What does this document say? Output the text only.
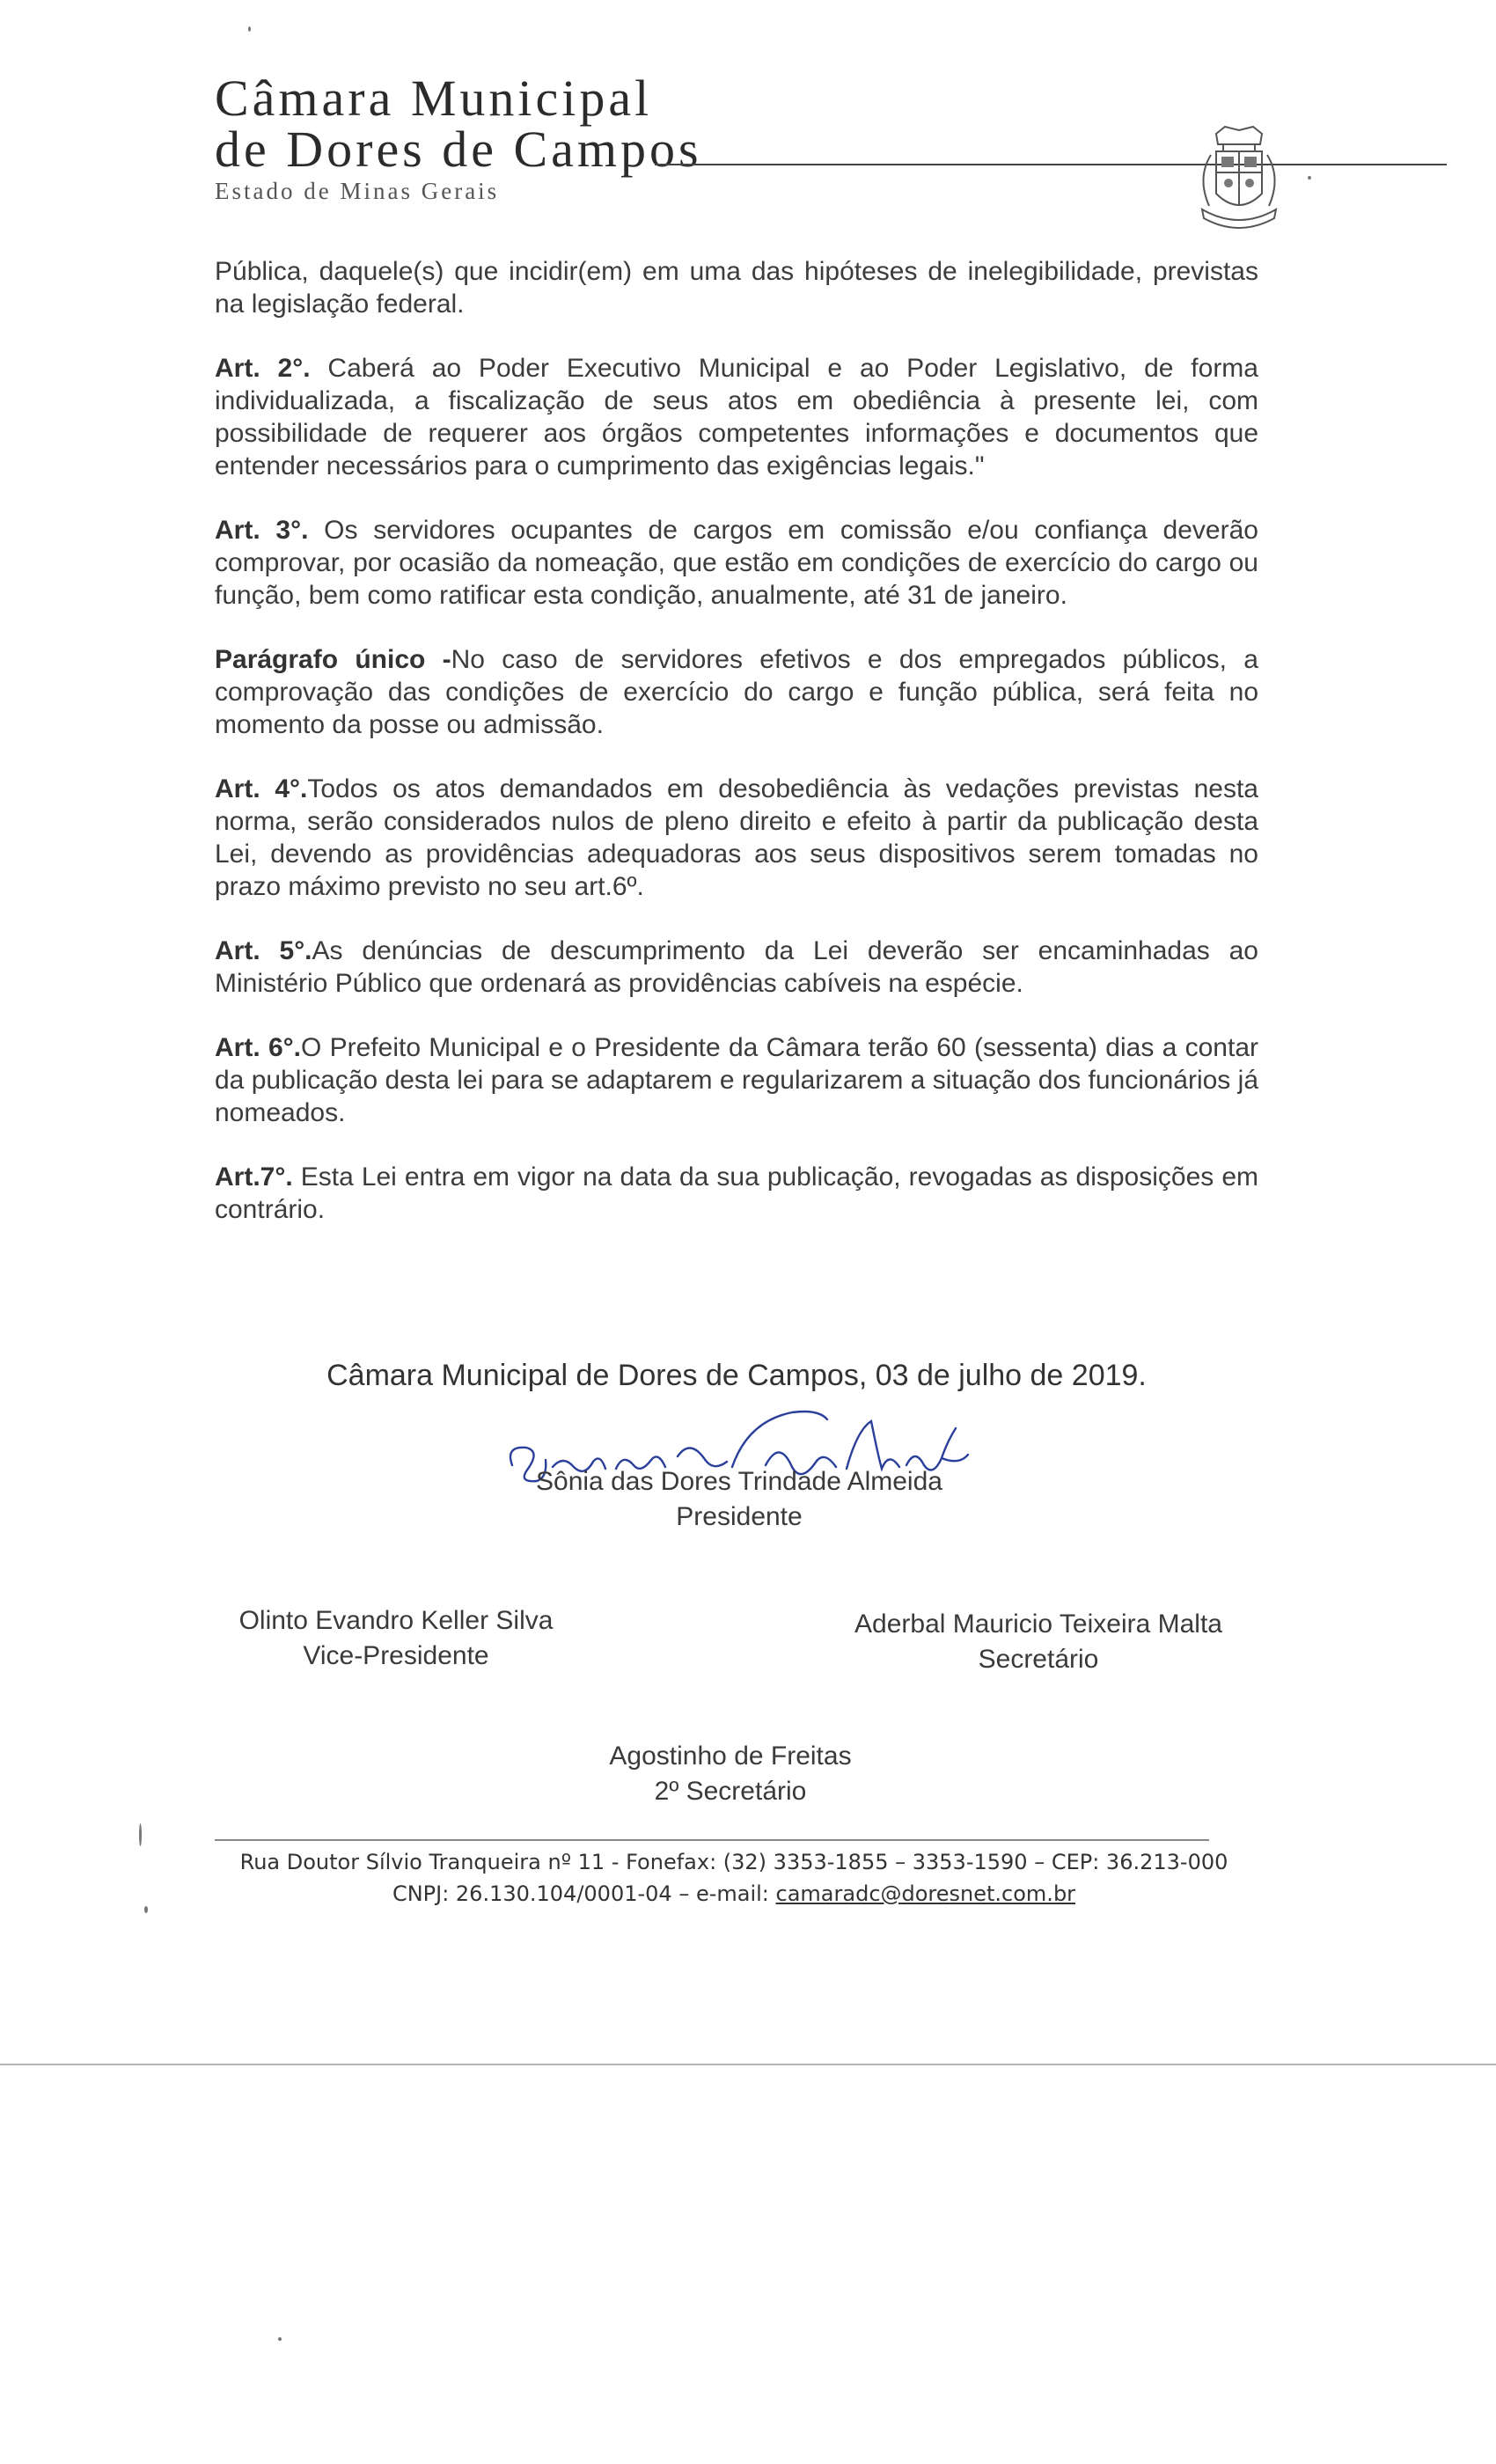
Câmara Municipal
de Dores de Campos
Estado de Minas Gerais

Pública, daquele(s) que incidir(em) em uma das hipóteses de inelegibilidade, previstas na legislação federal.

Art. 2°. Caberá ao Poder Executivo Municipal e ao Poder Legislativo, de forma individualizada, a fiscalização de seus atos em obediência à presente lei, com possibilidade de requerer aos órgãos competentes informações e documentos que entender necessários para o cumprimento das exigências legais."

Art. 3°. Os servidores ocupantes de cargos em comissão e/ou confiança deverão comprovar, por ocasião da nomeação, que estão em condições de exercício do cargo ou função, bem como ratificar esta condição, anualmente, até 31 de janeiro.

Parágrafo único -No caso de servidores efetivos e dos empregados públicos, a comprovação das condições de exercício do cargo e função pública, será feita no momento da posse ou admissão.

Art. 4°.Todos os atos demandados em desobediência às vedações previstas nesta norma, serão considerados nulos de pleno direito e efeito à partir da publicação desta Lei, devendo as providências adequadoras aos seus dispositivos serem tomadas no prazo máximo previsto no seu art.6º.

Art. 5°.As denúncias de descumprimento da Lei deverão ser encaminhadas ao Ministério Público que ordenará as providências cabíveis na espécie.

Art. 6°.O Prefeito Municipal e o Presidente da Câmara terão 60 (sessenta) dias a contar da publicação desta lei para se adaptarem e regularizarem a situação dos funcionários já nomeados.

Art.7°. Esta Lei entra em vigor na data da sua publicação, revogadas as disposições em contrário.

Câmara Municipal de Dores de Campos, 03 de julho de 2019.
Sônia das Dores Trindade Almeida
Presidente
Olinto Evandro Keller Silva
Vice-Presidente
Aderbal Mauricio Teixeira Malta
Secretário
Agostinho de Freitas
2º Secretário
Rua Doutor Sílvio Tranqueira nº 11 - Fonefax: (32) 3353-1855 – 3353-1590 – CEP: 36.213-000
CNPJ: 26.130.104/0001-04 – e-mail: camaradc@doresnet.com.br
